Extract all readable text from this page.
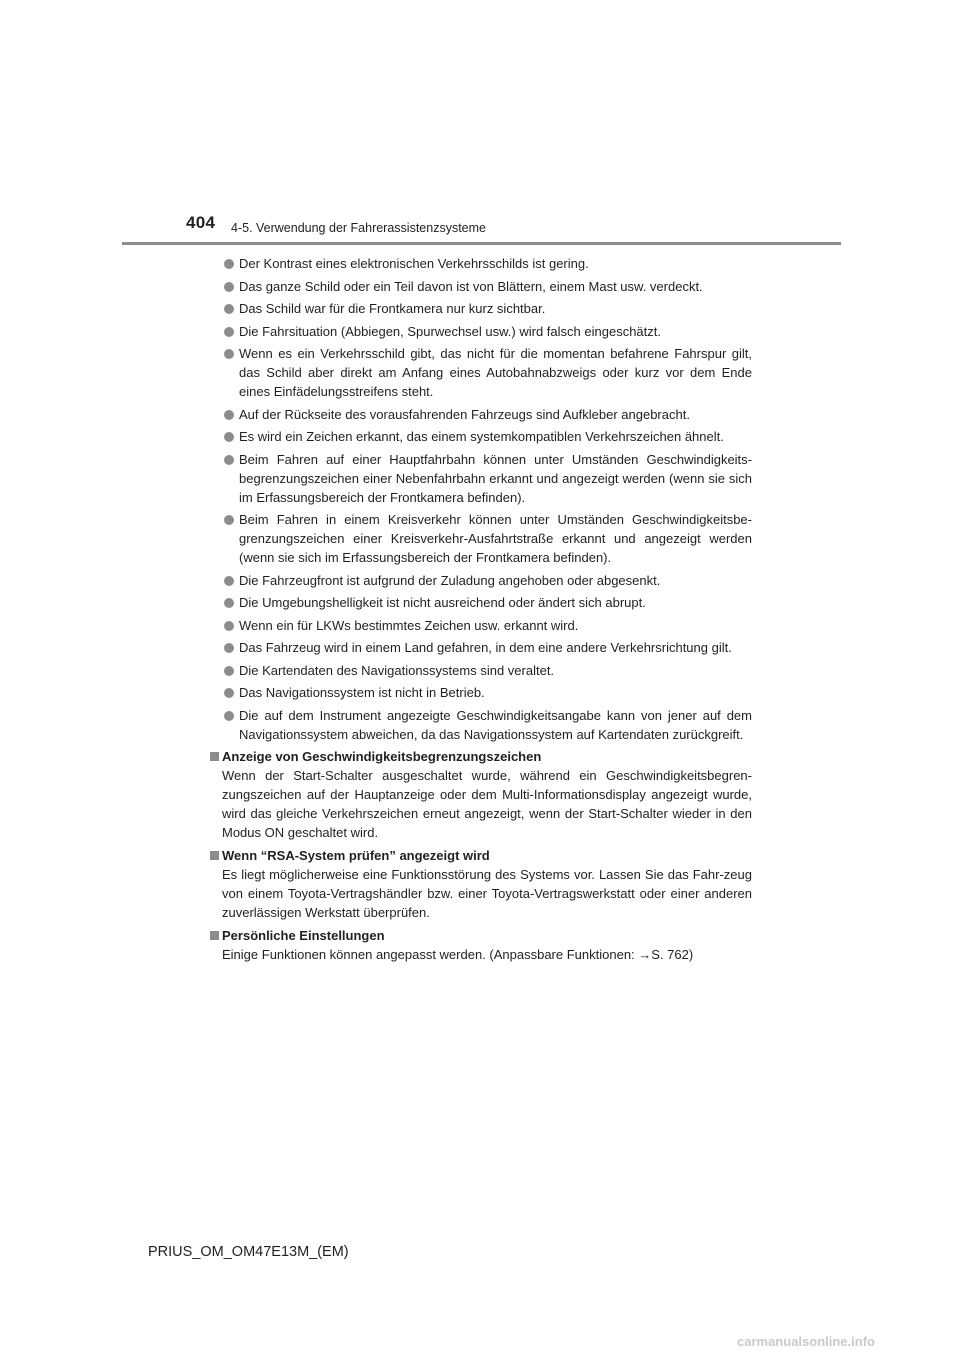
404 4-5. Verwendung der Fahrerassistenzsysteme
Der Kontrast eines elektronischen Verkehrsschilds ist gering.
Das ganze Schild oder ein Teil davon ist von Blättern, einem Mast usw. verdeckt.
Das Schild war für die Frontkamera nur kurz sichtbar.
Die Fahrsituation (Abbiegen, Spurwechsel usw.) wird falsch eingeschätzt.
Wenn es ein Verkehrsschild gibt, das nicht für die momentan befahrene Fahrspur gilt, das Schild aber direkt am Anfang eines Autobahnabzweigs oder kurz vor dem Ende eines Einfädelungsstreifens steht.
Auf der Rückseite des vorausfahrenden Fahrzeugs sind Aufkleber angebracht.
Es wird ein Zeichen erkannt, das einem systemkompatiblen Verkehrszeichen ähnelt.
Beim Fahren auf einer Hauptfahrbahn können unter Umständen Geschwindigkeits-begrenzungszeichen einer Nebenfahrbahn erkannt und angezeigt werden (wenn sie sich im Erfassungsbereich der Frontkamera befinden).
Beim Fahren in einem Kreisverkehr können unter Umständen Geschwindigkeitsbe-grenzungszeichen einer Kreisverkehr-Ausfahrtstraße erkannt und angezeigt werden (wenn sie sich im Erfassungsbereich der Frontkamera befinden).
Die Fahrzeugfront ist aufgrund der Zuladung angehoben oder abgesenkt.
Die Umgebungshelligkeit ist nicht ausreichend oder ändert sich abrupt.
Wenn ein für LKWs bestimmtes Zeichen usw. erkannt wird.
Das Fahrzeug wird in einem Land gefahren, in dem eine andere Verkehrsrichtung gilt.
Die Kartendaten des Navigationssystems sind veraltet.
Das Navigationssystem ist nicht in Betrieb.
Die auf dem Instrument angezeigte Geschwindigkeitsangabe kann von jener auf dem Navigationssystem abweichen, da das Navigationssystem auf Kartendaten zurückgreift.
Anzeige von Geschwindigkeitsbegrenzungszeichen
Wenn der Start-Schalter ausgeschaltet wurde, während ein Geschwindigkeitsbegren-zungszeichen auf der Hauptanzeige oder dem Multi-Informationsdisplay angezeigt wurde, wird das gleiche Verkehrszeichen erneut angezeigt, wenn der Start-Schalter wieder in den Modus ON geschaltet wird.
Wenn “RSA-System prüfen” angezeigt wird
Es liegt möglicherweise eine Funktionsstörung des Systems vor. Lassen Sie das Fahr-zeug von einem Toyota-Vertragshändler bzw. einer Toyota-Vertragswerkstatt oder einer anderen zuverlässigen Werkstatt überprüfen.
Persönliche Einstellungen
Einige Funktionen können angepasst werden. (Anpassbare Funktionen: →S. 762)
PRIUS_OM_OM47E13M_(EM)
carmanualsonline.info
